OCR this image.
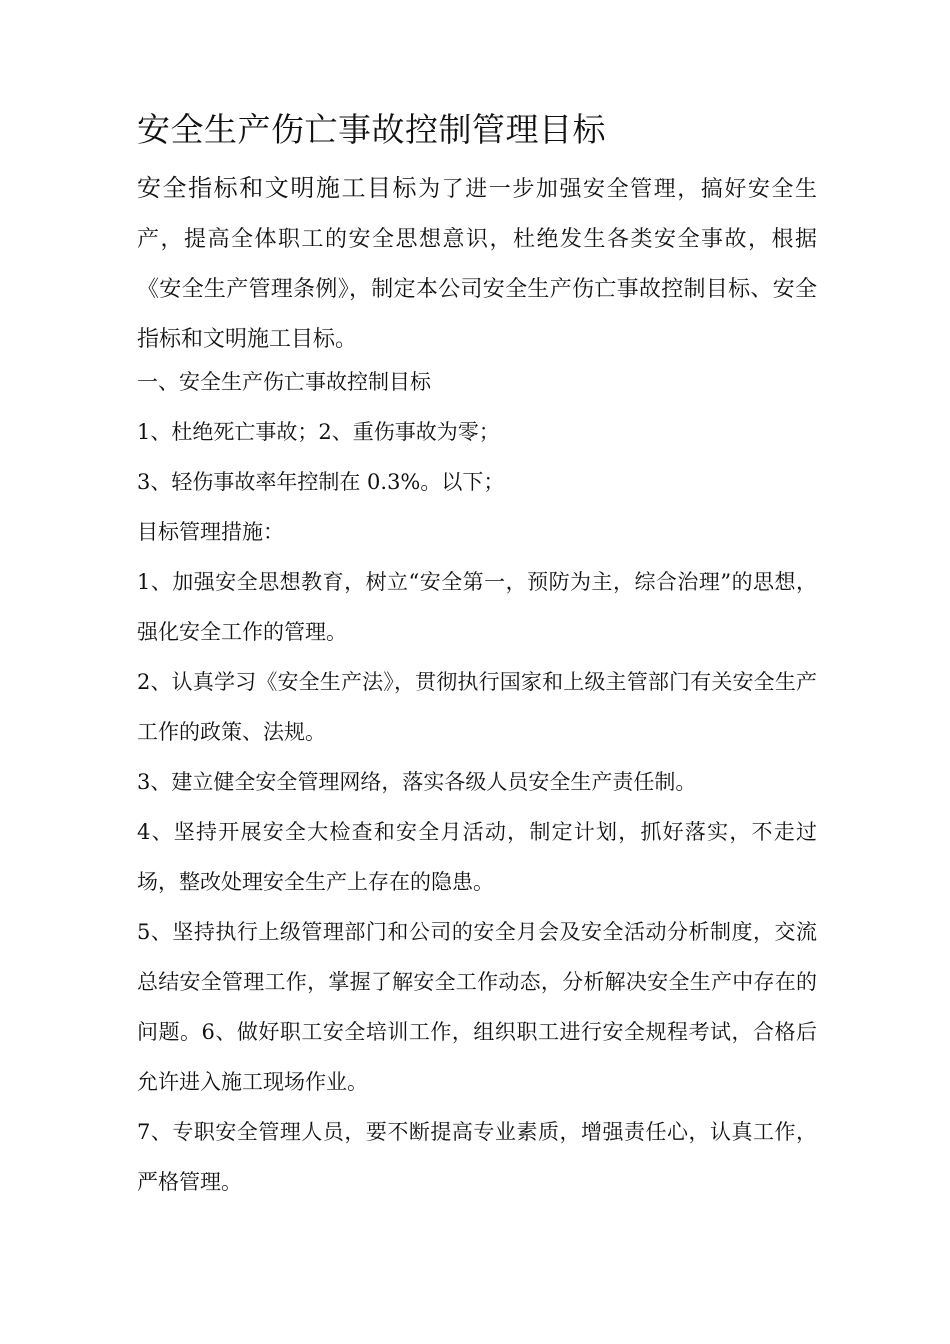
安全生产伤亡事故控制管理目标
安全指标和文明施工目标为了进一步加强安全管理，搞好安全生产，提高全体职工的安全思想意识，杜绝发生各类安全事故，根据《安全生产管理条例》，制定本公司安全生产伤亡事故控制目标、安全指标和文明施工目标。
一、安全生产伤亡事故控制目标
1、杜绝死亡事故；2、重伤事故为零；
3、轻伤事故率年控制在 0.3%。以下；
目标管理措施：
1、加强安全思想教育，树立“安全第一，预防为主，综合治理”的思想，强化安全工作的管理。
2、认真学习《安全生产法》，贯彻执行国家和上级主管部门有关安全生产工作的政策、法规。
3、建立健全安全管理网络，落实各级人员安全生产责任制。
4、坚持开展安全大检查和安全月活动，制定计划，抓好落实，不走过场，整改处理安全生产上存在的隐患。
5、坚持执行上级管理部门和公司的安全月会及安全活动分析制度，交流总结安全管理工作，掌握了解安全工作动态，分析解决安全生产中存在的问题。6、做好职工安全培训工作，组织职工进行安全规程考试，合格后允许进入施工现场作业。
7、专职安全管理人员，要不断提高专业素质，增强责任心，认真工作，严格管理。
